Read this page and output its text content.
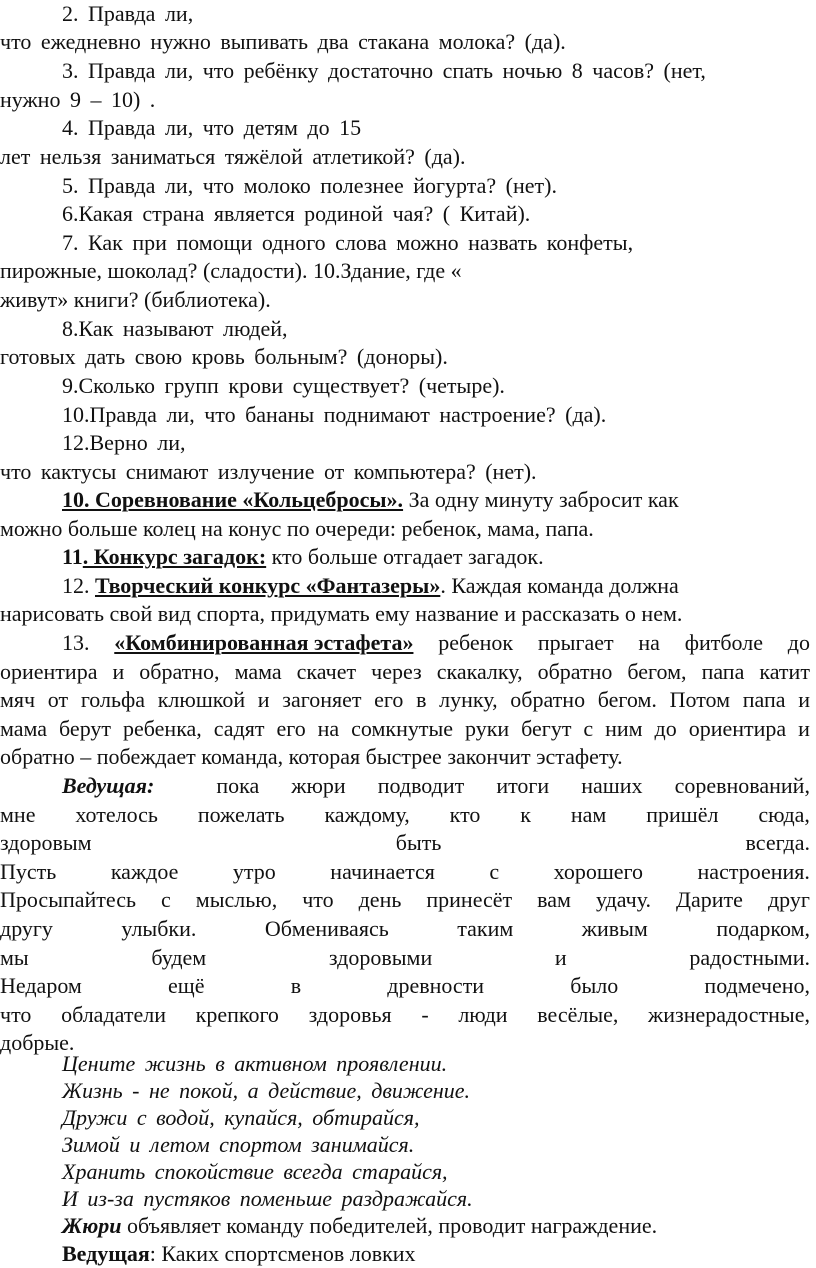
2. Правда ли,
что ежедневно нужно выпивать два стакана молока? (да).
3. Правда ли, что ребёнку достаточно спать ночью 8 часов? (нет,
нужно 9 – 10) .
4. Правда ли, что детям до 15
лет нельзя заниматься тяжёлой атлетикой? (да).
5. Правда ли, что молоко полезнее йогурта? (нет).
6.Какая страна является родиной чая? ( Китай).
7. Как при помощи одного слова можно назвать конфеты,
пирожные, шоколад? (сладости). 10.Здание, где «
живут» книги? (библиотека).
8.Как называют людей,
готовых дать свою кровь больным? (доноры).
9.Сколько групп крови существует? (четыре).
10.Правда ли, что бананы поднимают настроение? (да).
12.Верно ли,
что кактусы снимают излучение от компьютера? (нет).
10. Соревнование «Кольцебросы». За одну минуту забросит как
можно больше колец на конус по очереди: ребенок, мама, папа.
11. Конкурс загадок: кто больше отгадает загадок.
12. Творческий конкурс «Фантазеры». Каждая команда должна
нарисовать свой вид спорта, придумать ему название и рассказать о нем.
13. «Комбинированная эстафета» ребенок прыгает на фитболе до
ориентира и обратно, мама скачет через скакалку, обратно бегом, папа катит
мяч от гольфа клюшкой и загоняет его в лунку, обратно бегом. Потом папа и
мама берут ребенка, садят его на сомкнутые руки бегут с ним до ориентира и
обратно – побеждает команда, которая быстрее закончит эстафету.
Ведущая:	пока жюри подводит итоги наших соревнований,
мне хотелось пожелать каждому, кто к нам пришёл сюда,
здоровым	быть	всегда.
Пусть каждое утро начинается с хорошего настроения.
Просыпайтесь с мыслью, что день принесёт вам удачу. Дарите друг
другу	улыбки.	Обмениваясь	таким	живым	подарком,
мы	будем	здоровыми	и	радостными.
Недаром	ещё	в	древности	было	подмечено,
что обладатели крепкого здоровья - люди весёлые, жизнерадостные,
добрые.
Цените жизнь в активном проявлении.
Жизнь - не покой, а действие, движение.
Дружи с водой, купайся, обтирайся,
Зимой и летом спортом занимайся.
Хранить спокойствие всегда старайся,
И из-за пустяков поменьше раздражайся.
Жюри объявляет команду победителей, проводит награждение.
Ведущая: Каких спортсменов ловких
